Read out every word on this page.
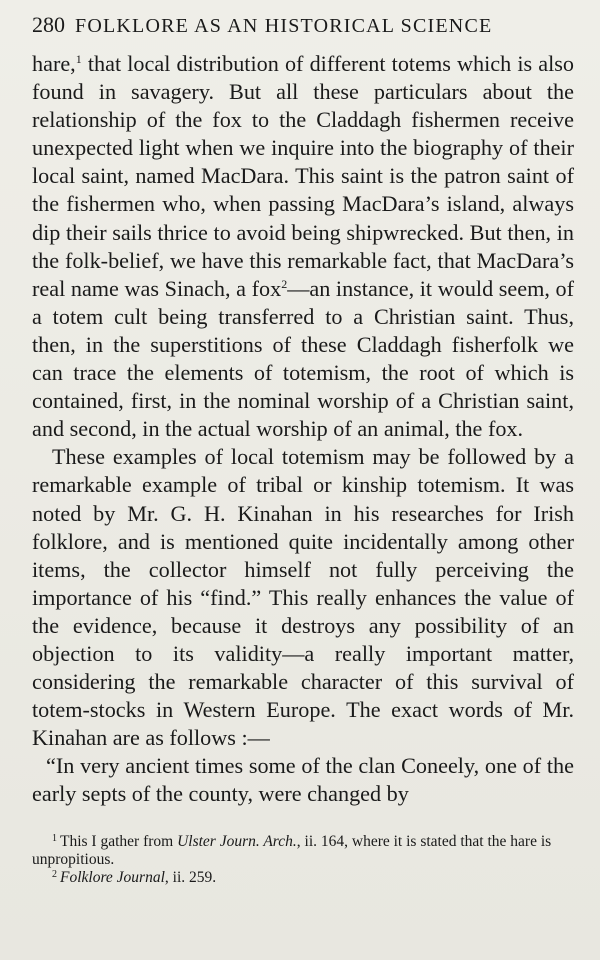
280 FOLKLORE AS AN HISTORICAL SCIENCE

hare,$^1$ that local distribution of different totems which is also found in savagery. But all these particulars about the relationship of the fox to the Claddagh fishermen receive unexpected light when we inquire into the biography of their local saint, named MacDara. This saint is the patron saint of the fishermen who, when passing MacDara’s island, always dip their sails thrice to avoid being shipwrecked. But then, in the folk-belief, we have this remarkable fact, that MacDara’s real name was Sinach, a fox$^2$—an instance, it would seem, of a totem cult being transferred to a Christian saint. Thus, then, in the superstitions of these Claddagh fisherfolk we can trace the elements of totemism, the root of which is contained, first, in the nominal worship of a Christian saint, and second, in the actual worship of an animal, the fox.

These examples of local totemism may be followed by a remarkable example of tribal or kinship totemism. It was noted by Mr. G. H. Kinahan in his researches for Irish folklore, and is mentioned quite incidentally among other items, the collector himself not fully perceiving the importance of his “find.” This really enhances the value of the evidence, because it destroys any possibility of an objection to its validity—a really important matter, considering the remarkable character of this survival of totem-stocks in Western Europe. The exact words of Mr. Kinahan are as follows :—

“In very ancient times some of the clan Coneely, one of the early septs of the county, were changed by

$^1$ This I gather from Ulster Journ. Arch., ii. 164, where it is stated that the hare is unpropitious.

$^2$ Folklore Journal, ii. 259.
